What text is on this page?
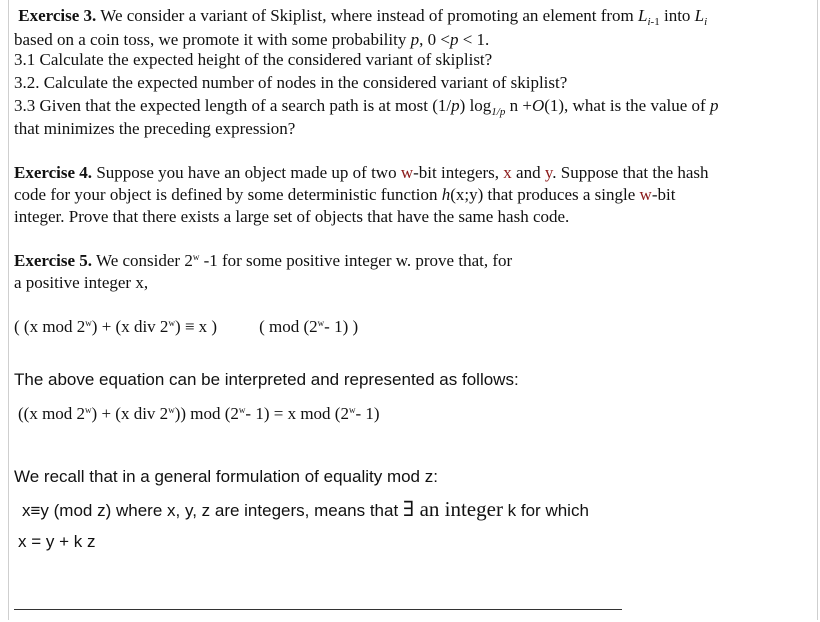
Exercise 3. We consider a variant of Skiplist, where instead of promoting an element from $L_{i-1}$ into $L_i$
based on a coin toss, we promote it with some probability p, 0 <p < 1.
3.1 Calculate the expected height of the considered variant of skiplist?
3.2. Calculate the expected number of nodes in the considered variant of skiplist?
3.3 Given that the expected length of a search path is at most (1/p) $\log_{1/p} n +O(1)$, what is the value of p
that minimizes the preceding expression?
Exercise 4. Suppose you have an object made up of two w-bit integers, x and y. Suppose that the hash
code for your object is defined by some deterministic function h(x;y) that produces a single w-bit
integer. Prove that there exists a large set of objects that have the same hash code.
Exercise 5. We consider 2$^w$ -1 for some positive integer w. prove that, for
a positive integer x,
( (x mod $2^w) + (x$ div $2^w) \equiv x$ ) ( mod (2$^w$- 1) )
The above equation can be interpreted and represented as follows:
((x mod $2^w) + (x$ div 2$^w$)) mod (2$^w$- 1) = x mod (2$^w$- 1)
We recall that in a general formulation of equality mod z:
x≡y (mod z) where x, y, z are integers, means that ∃ an integer k for which
x = y + k z
